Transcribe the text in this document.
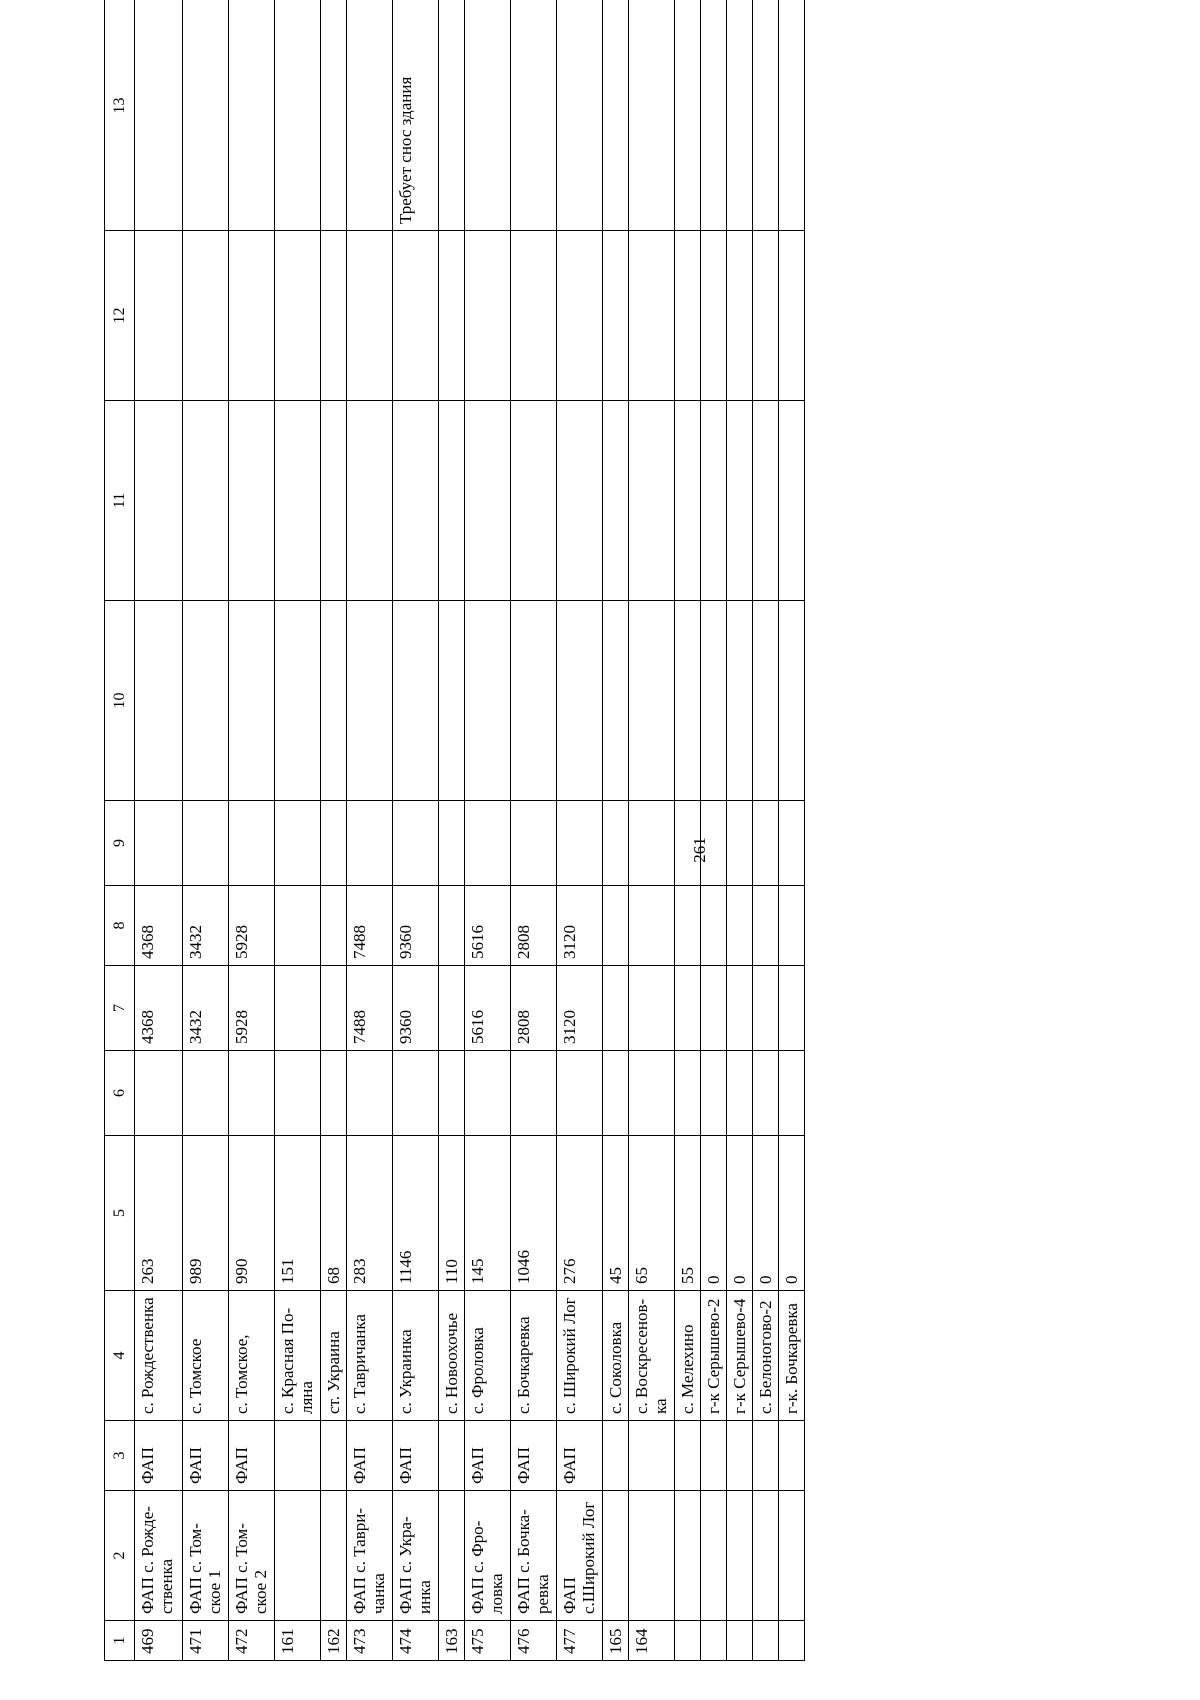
261
1	2	3	4	5	6	7	8	9	10	11	12	13
469	ФАП с. Рожде-ственка	ФАП	с. Рождественка	263		4368	4368					
471	ФАП с. Том-ское 1	ФАП	с. Томское	989		3432	3432					
472	ФАП с. Том-ское 2	ФАП	с. Томское,	990		5928	5928					
161			с. Красная По-ляна	151								
162			ст. Украина	68								
473	ФАП с. Таври-чанка	ФАП	с. Тавричанка	283		7488	7488					
474	ФАП с. Укра-инка	ФАП	с. Украинка	1146		9360	9360					Требует снос здания
163			с. Новоохочье	110								
475	ФАП с. Фро-ловка	ФАП	с. Фроловка	145		5616	5616					
476	ФАП с. Бочка-ревка	ФАП	с. Бочкаревка	1046		2808	2808					
477	ФАП с.Широкий Лог	ФАП	с. Широкий Лог	276		3120	3120					
165			с. Соколовка	45								
164			с. Воскресенов-ка	65								
			с. Мелехино	55								
			г-к Серышево-2	0								
			г-к Серышево-4	0								
			с. Белоногово-2	0								
			г-к. Бочкаревка	0								
